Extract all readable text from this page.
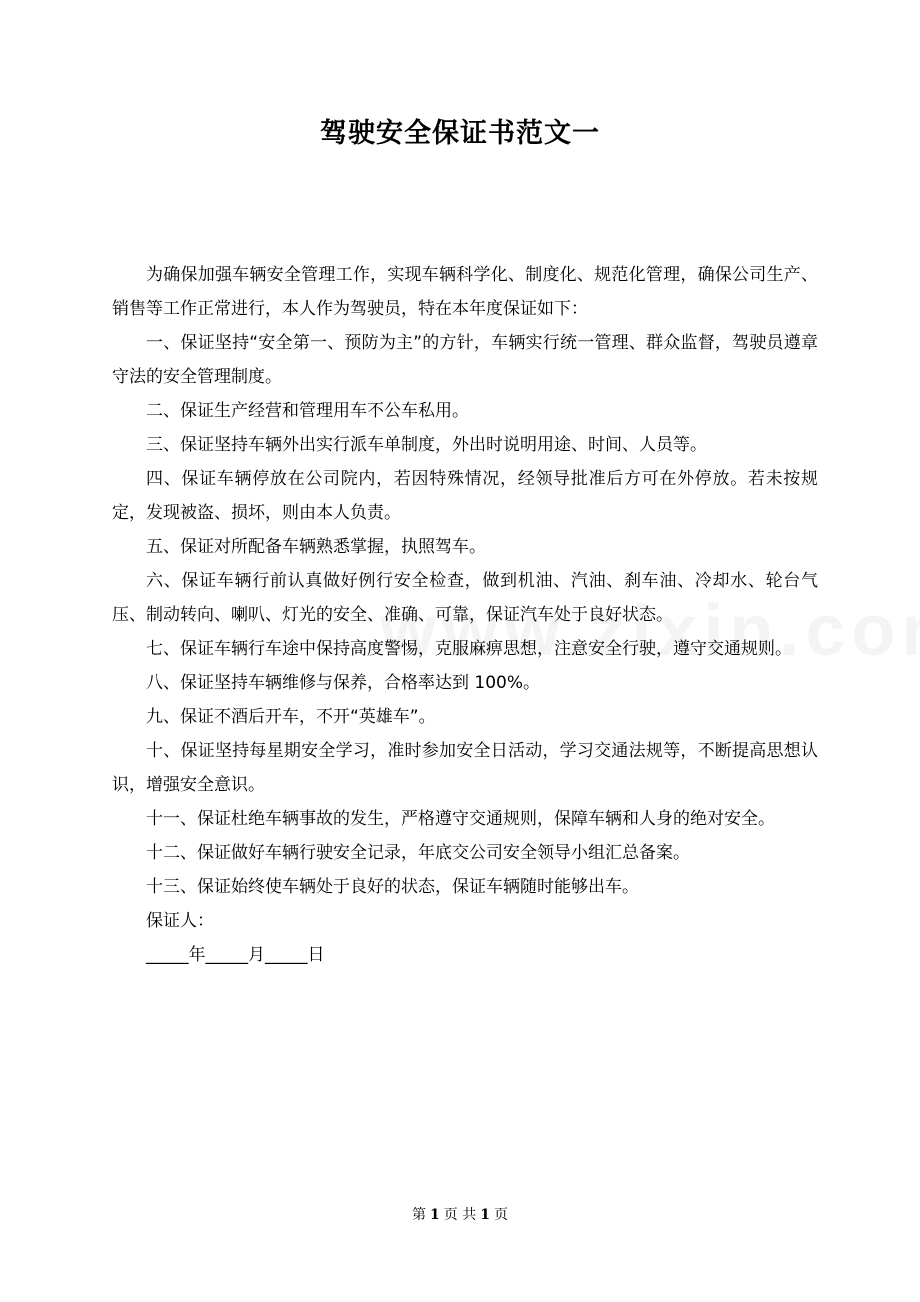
驾驶安全保证书范文一

为确保加强车辆安全管理工作，实现车辆科学化、制度化、规范化管理，确保公司生产、销售等工作正常进行，本人作为驾驶员，特在本年度保证如下：

一、保证坚持“安全第一、预防为主”的方针，车辆实行统一管理、群众监督，驾驶员遵章守法的安全管理制度。

二、保证生产经营和管理用车不公车私用。

三、保证坚持车辆外出实行派车单制度，外出时说明用途、时间、人员等。

四、保证车辆停放在公司院内，若因特殊情况，经领导批准后方可在外停放。若未按规定，发现被盗、损坏，则由本人负责。

五、保证对所配备车辆熟悉掌握，执照驾车。

六、保证车辆行前认真做好例行安全检查，做到机油、汽油、刹车油、冷却水、轮台气压、制动转向、喇叭、灯光的安全、准确、可靠，保证汽车处于良好状态。

七、保证车辆行车途中保持高度警惕，克服麻痹思想，注意安全行驶，遵守交通规则。

八、保证坚持车辆维修与保养，合格率达到 100%。

九、保证不酒后开车，不开“英雄车”。

十、保证坚持每星期安全学习，准时参加安全日活动，学习交通法规等，不断提高思想认识，增强安全意识。

十一、保证杜绝车辆事故的发生，严格遵守交通规则，保障车辆和人身的绝对安全。

十二、保证做好车辆行驶安全记录，年底交公司安全领导小组汇总备案。

十三、保证始终使车辆处于良好的状态，保证车辆随时能够出车。

保证人：

_____年_____月_____日

第 1 页 共 1 页
